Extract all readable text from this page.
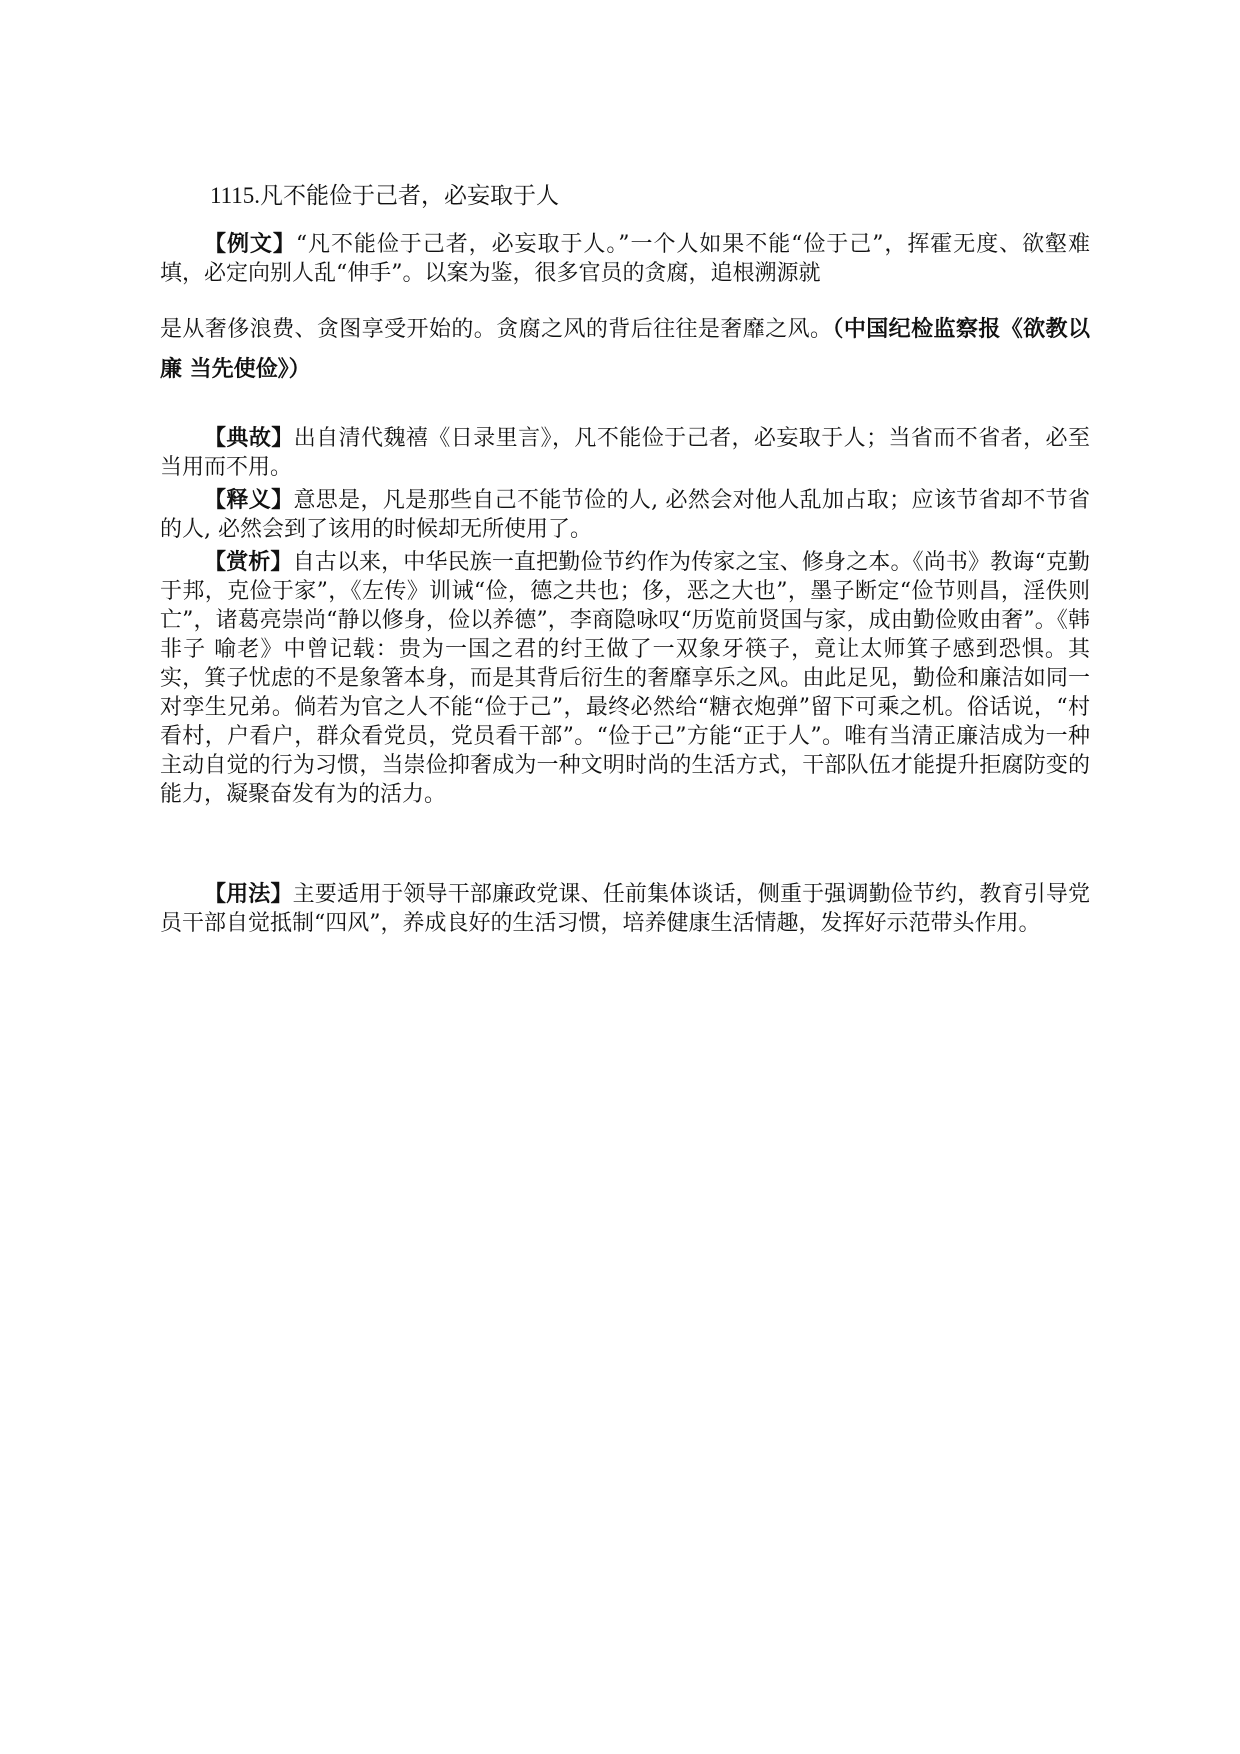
1115.凡不能俭于己者，必妄取于人
【例文】“凡不能俭于己者，必妄取于人。”一个人如果不能“俭于己”，挥霍无度、欲壑难填，必定向别人乱“伸手”。以案为鉴，很多官员的贪腐，追根溯源就
是从奢侈浪费、贪图享受开始的。贪腐之风的背后往往是奢靡之风。（中国纪检监察报《欲教以廉 当先使俭》）
【典故】出自清代魏禧《日录里言》，凡不能俭于己者，必妄取于人；当省而不省者，必至当用而不用。
【释义】意思是，凡是那些自己不能节俭的人, 必然会对他人乱加占取；应该节省却不节省的人, 必然会到了该用的时候却无所使用了。
【赏析】自古以来，中华民族一直把勤俭节约作为传家之宝、修身之本。《尚书》教诲“克勤于邦，克俭于家”，《左传》训诫“俭，德之共也；侈，恶之大也”，墨子断定“俭节则昌，淫佚则亡”，诸葛亮崇尚“静以修身，俭以养德”，李商隐咏叹“历览前贤国与家，成由勤俭败由奢”。《韩非子 喻老》中曾记载：贵为一国之君的纣王做了一双象牙筷子，竟让太师箕子感到恐惧。其实，箕子忧虑的不是象箸本身，而是其背后衍生的奢靡享乐之风。由此足见，勤俭和廉洁如同一对孪生兄弟。倘若为官之人不能“俭于己”，最终必然给“糖衣炮弹”留下可乘之机。俗话说，“村看村，户看户，群众看党员，党员看干部”。“俭于己”方能“正于人”。唯有当清正廉洁成为一种主动自觉的行为习惯，当崇俭抑奢成为一种文明时尚的生活方式，干部队伍才能提升拒腐防变的能力，凝聚奋发有为的活力。
【用法】主要适用于领导干部廉政党课、任前集体谈话，侧重于强调勤俭节约，教育引导党员干部自觉抵制“四风”，养成良好的生活习惯，培养健康生活情趣，发挥好示范带头作用。
